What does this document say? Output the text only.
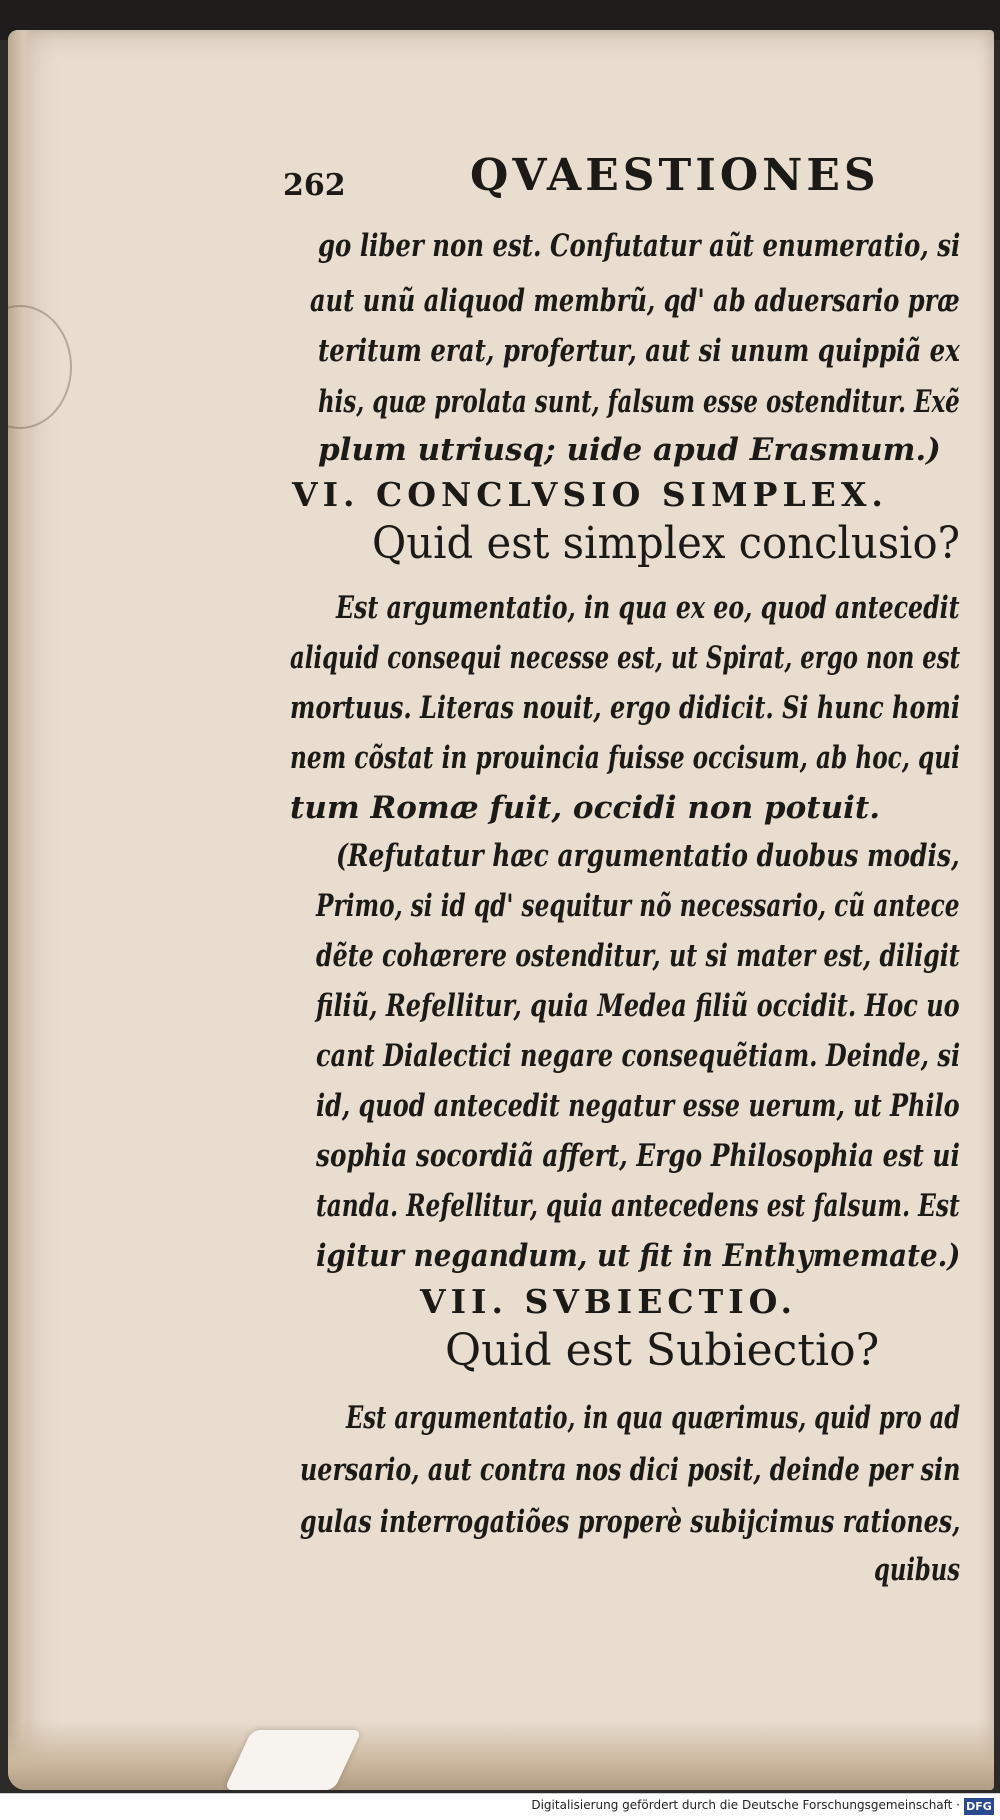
262	QVAESTIONES
go liber non est. Confutatur aũt enumeratio, si
aut unũ aliquod membrũ, qd' ab aduersario præ
teritum erat, profertur, aut si unum quippiã ex
his, quæ prolata sunt, falsum esse ostenditur. Exẽ
plum utriusq; uide apud Erasmum.)
VI. CONCLVSIO SIMPLEX.
Quid est simplex conclusio?
Est argumentatio, in qua ex eo, quod antecedit
aliquid consequi necesse est, ut Spirat, ergo non est
mortuus. Literas nouit, ergo didicit. Si hunc homi
nem cõstat in prouincia fuisse occisum, ab hoc, qui
tum Romæ fuit, occidi non potuit.
(Refutatur hæc argumentatio duobus modis,
Primo, si id qd' sequitur nõ necessario, cũ antece
dẽte cohærere ostenditur, ut si mater est, diligit
filiũ, Refellitur, quia Medea filiũ occidit. Hoc uo
cant Dialectici negare consequẽtiam. Deinde, si
id, quod antecedit negatur esse uerum, ut Philo
sophia socordiã affert, Ergo Philosophia est ui
tanda. Refellitur, quia antecedens est falsum. Est
igitur negandum, ut fit in Enthymemate.)
VII. SVBIECTIO.
Quid est Subiectio?
Est argumentatio, in qua quærimus, quid pro ad
uersario, aut contra nos dici posit, deinde per sin
gulas interrogatiões properè subijcimus rationes,
quibus
Digitalisierung gefördert durch die Deutsche Forschungsgemeinschaft · DFG
